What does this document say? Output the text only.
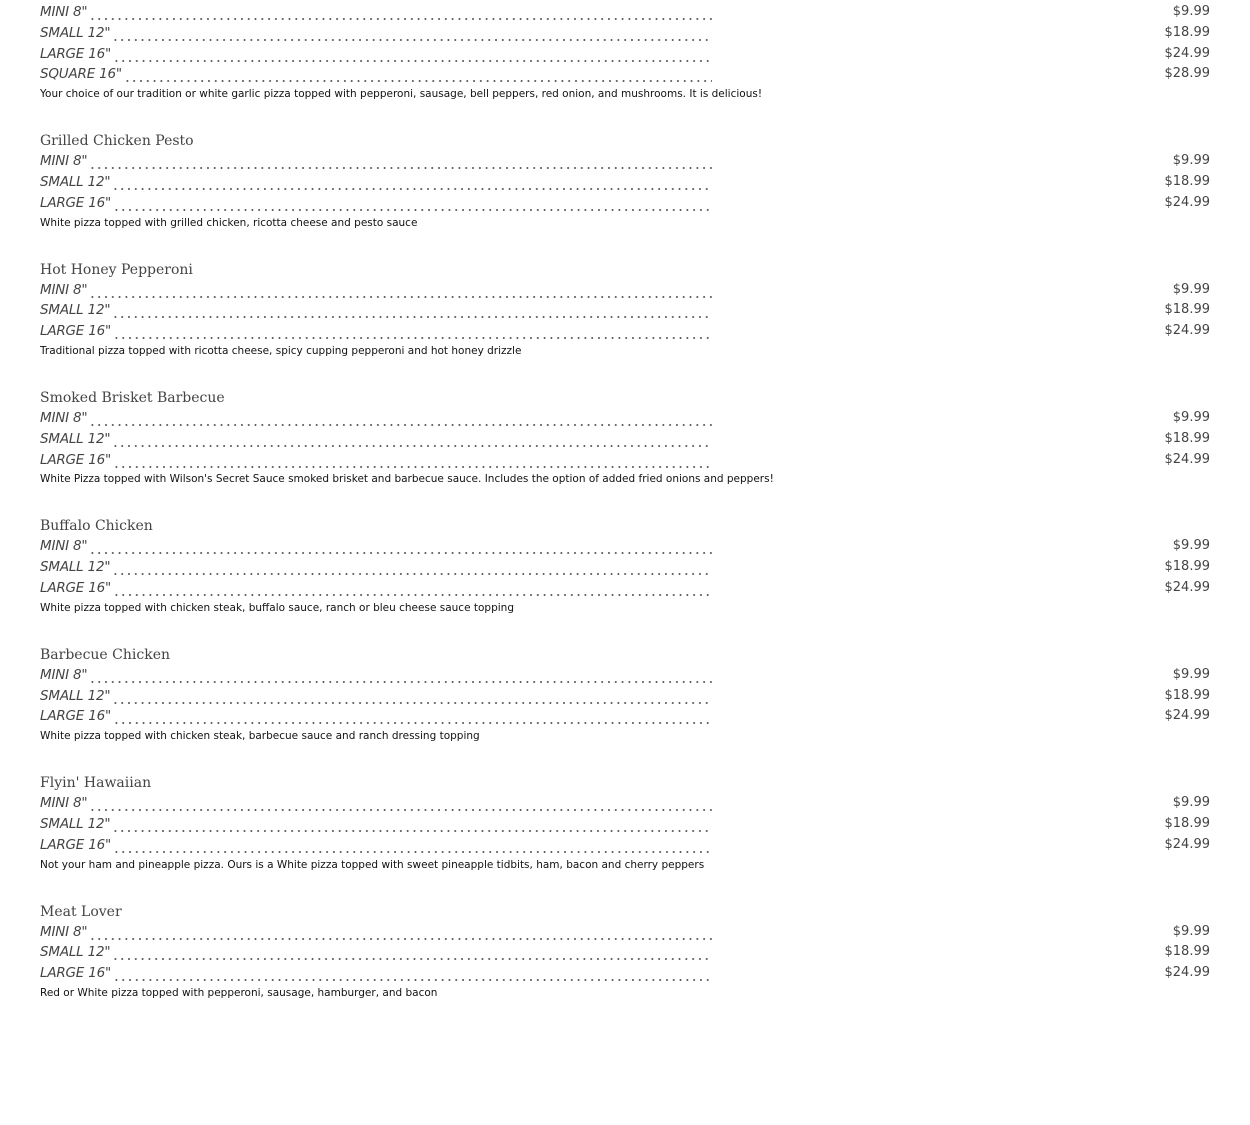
MINI 8"	$9.99
SMALL 12"	$18.99
LARGE 16"	$24.99
SQUARE 16"	$28.99
Your choice of our tradition or white garlic pizza topped with pepperoni, sausage, bell peppers, red onion, and mushrooms. It is delicious!
Grilled Chicken Pesto
MINI 8"	$9.99
SMALL 12"	$18.99
LARGE 16"	$24.99
White pizza topped with grilled chicken, ricotta cheese and pesto sauce
Hot Honey Pepperoni
MINI 8"	$9.99
SMALL 12"	$18.99
LARGE 16"	$24.99
Traditional pizza topped with ricotta cheese, spicy cupping pepperoni and hot honey drizzle
Smoked Brisket Barbecue
MINI 8"	$9.99
SMALL 12"	$18.99
LARGE 16"	$24.99
White Pizza topped with Wilson's Secret Sauce smoked brisket and barbecue sauce. Includes the option of added fried onions and peppers!
Buffalo Chicken
MINI 8"	$9.99
SMALL 12"	$18.99
LARGE 16"	$24.99
White pizza topped with chicken steak, buffalo sauce, ranch or bleu cheese sauce topping
Barbecue Chicken
MINI 8"	$9.99
SMALL 12"	$18.99
LARGE 16"	$24.99
White pizza topped with chicken steak, barbecue sauce and ranch dressing topping
Flyin' Hawaiian
MINI 8"	$9.99
SMALL 12"	$18.99
LARGE 16"	$24.99
Not your ham and pineapple pizza. Ours is a White pizza topped with sweet pineapple tidbits, ham, bacon and cherry peppers
Meat Lover
MINI 8"	$9.99
SMALL 12"	$18.99
LARGE 16"	$24.99
Red or White pizza topped with pepperoni, sausage, hamburger, and bacon
